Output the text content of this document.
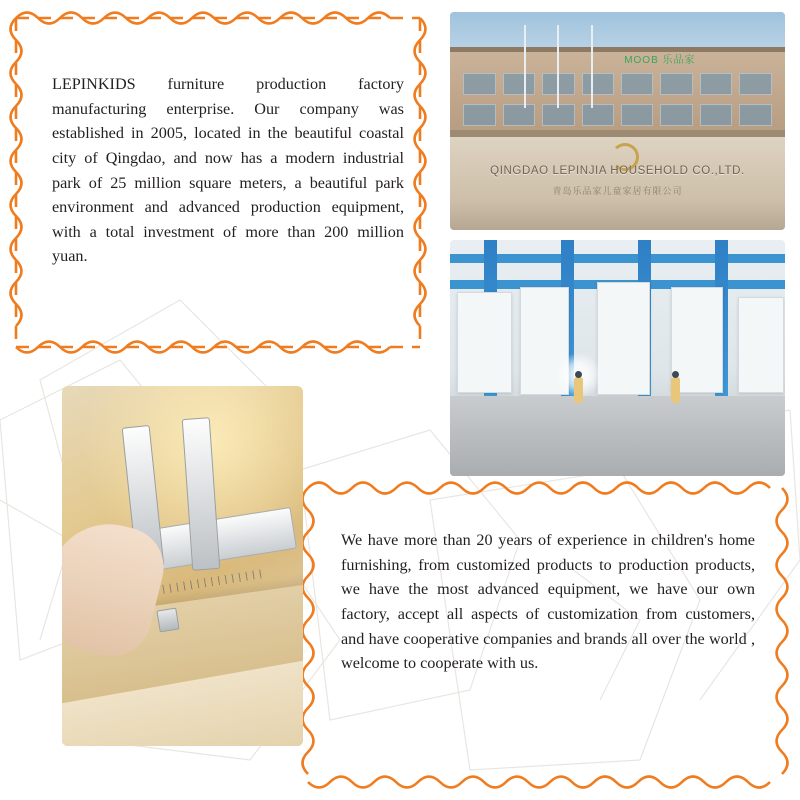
LEPINKIDS furniture production factory manufacturing enterprise. Our company was established in 2005, located in the beautiful coastal city of Qingdao, and now has a modern industrial park of 25 million square meters, a beautiful park environment and advanced production equipment, with a total investment of more than 200 million yuan.
We have more than 20 years of experience in children's home furnishing, from customized products to production products, we have the most advanced equipment, we have our own factory, accept all aspects of customization from customers, and have cooperative companies and brands all over the world , welcome to cooperate with us.
MOOB 乐品家
QINGDAO LEPINJIA HOUSEHOLD CO.,LTD.
青岛乐品家儿童家居有限公司
